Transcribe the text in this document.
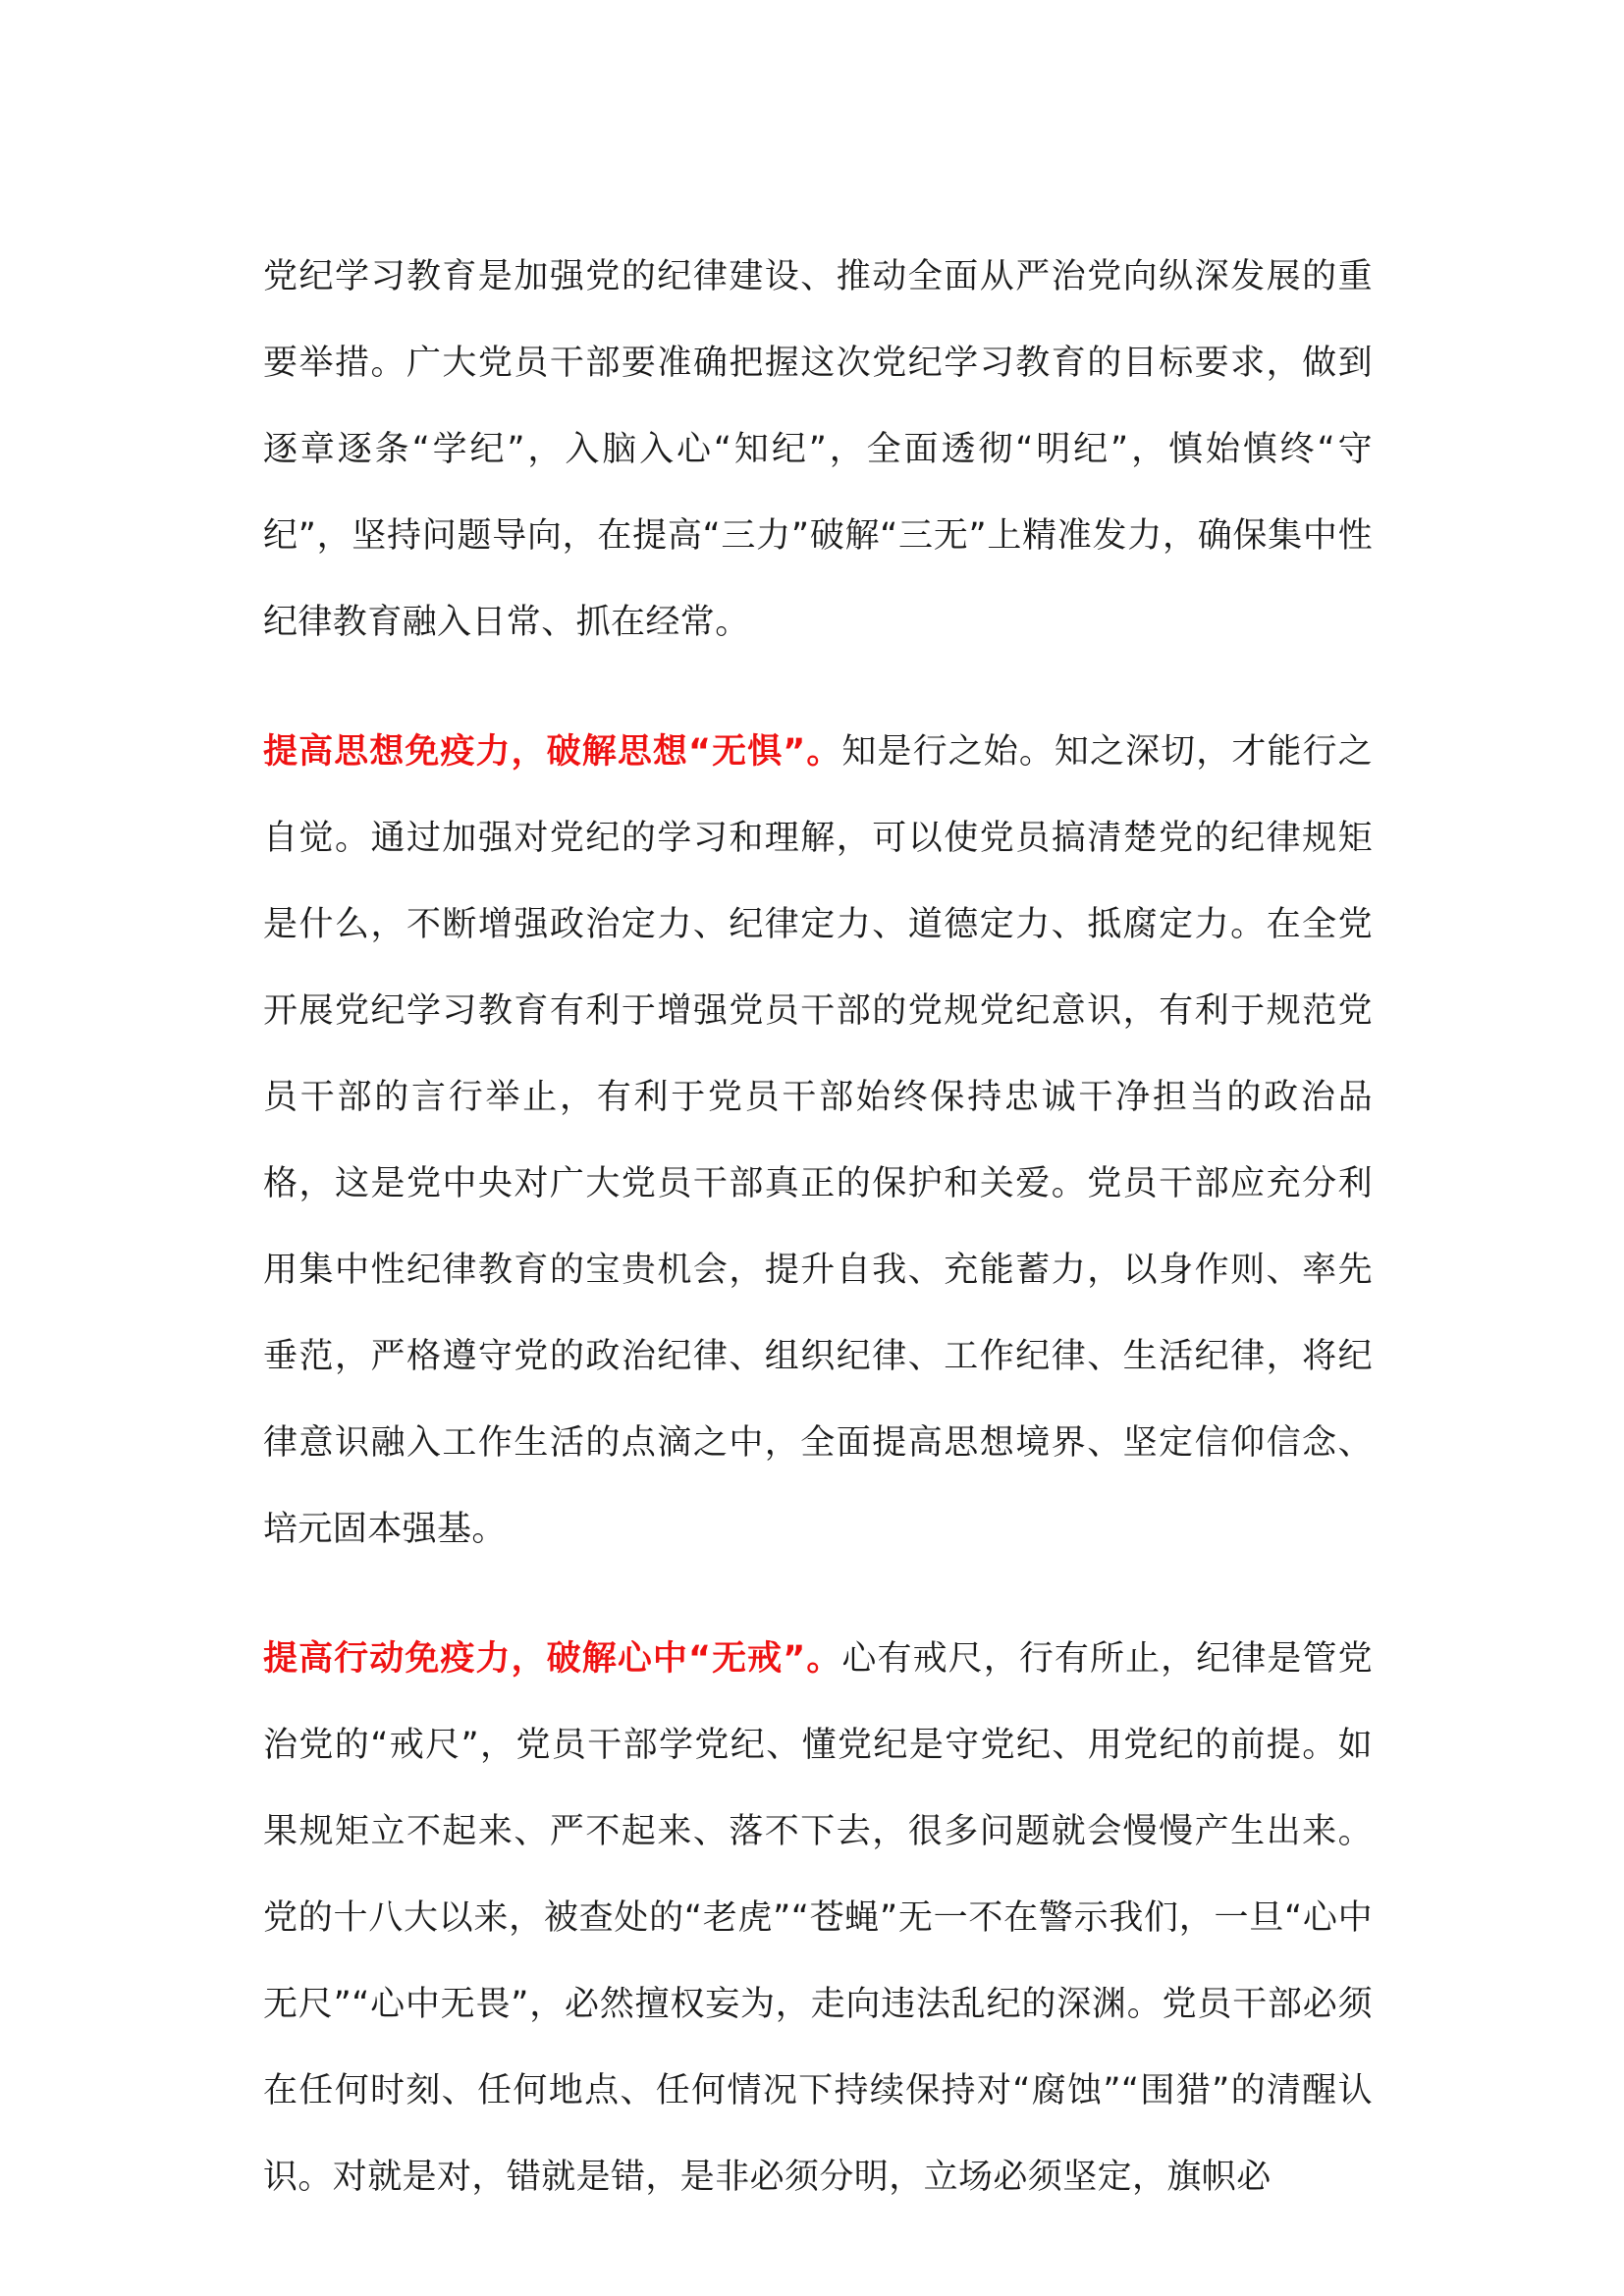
党纪学习教育是加强党的纪律建设、推动全面从严治党向纵深发展的重要举措。广大党员干部要准确把握这次党纪学习教育的目标要求，做到逐章逐条“学纪”，入脑入心“知纪”，全面透彻“明纪”，慎始慎终“守纪”，坚持问题导向，在提高“三力”破解“三无”上精准发力，确保集中性纪律教育融入日常、抓在经常。

提高思想免疫力，破解思想“无惧”。知是行之始。知之深切，才能行之自觉。通过加强对党纪的学习和理解，可以使党员搞清楚党的纪律规矩是什么，不断增强政治定力、纪律定力、道德定力、抵腐定力。在全党开展党纪学习教育有利于增强党员干部的党规党纪意识，有利于规范党员干部的言行举止，有利于党员干部始终保持忠诚干净担当的政治品格，这是党中央对广大党员干部真正的保护和关爱。党员干部应充分利用集中性纪律教育的宝贵机会，提升自我、充能蓄力，以身作则、率先垂范，严格遵守党的政治纪律、组织纪律、工作纪律、生活纪律，将纪律意识融入工作生活的点滴之中，全面提高思想境界、坚定信仰信念、培元固本强基。

提高行动免疫力，破解心中“无戒”。心有戒尺，行有所止，纪律是管党治党的“戒尺”，党员干部学党纪、懂党纪是守党纪、用党纪的前提。如果规矩立不起来、严不起来、落不下去，很多问题就会慢慢产生出来。党的十八大以来，被查处的“老虎”“苍蝇”无一不在警示我们，一旦“心中无尺”“心中无畏”，必然擅权妄为，走向违法乱纪的深渊。党员干部必须在任何时刻、任何地点、任何情况下持续保持对“腐蚀”“围猎”的清醒认识。对就是对，错就是错，是非必须分明，立场必须坚定，旗帜必
